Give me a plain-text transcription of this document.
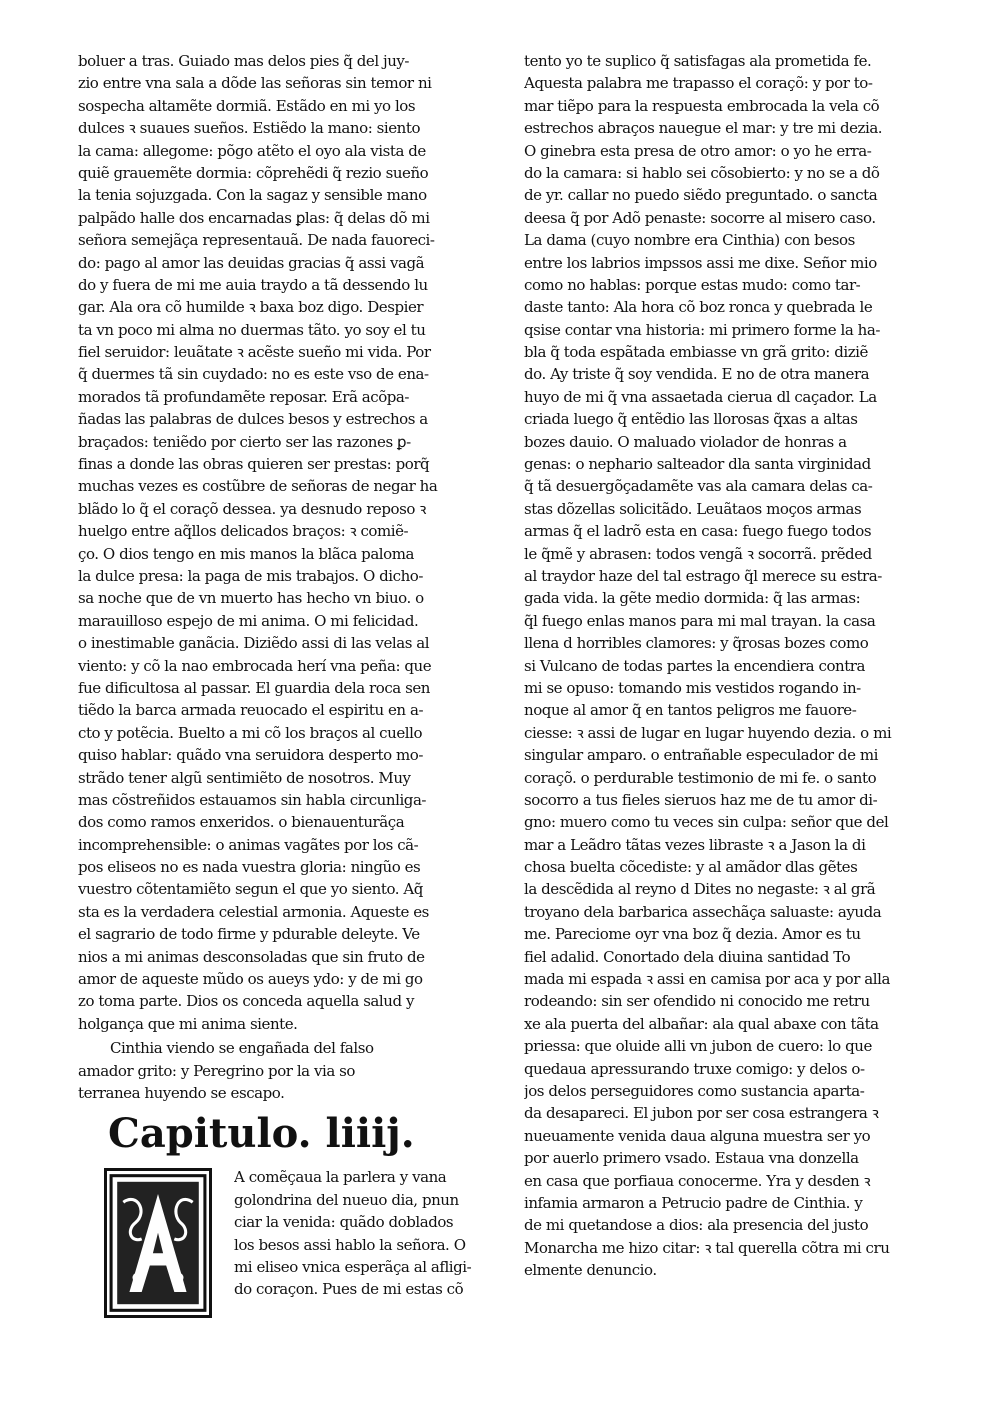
boluer a tras. Guiado mas delos pies q̃ del juy-
zio entre vna sala a dõde las señoras sin temor ni
sospecha altamẽte dormiã. Estãdo en mi yo los
dulces ꝛ suaues sueños. Estiẽdo la mano: siento
la cama: allegome: põgo atẽto el oyo ala vista de
quiẽ grauemẽte dormia: cõprehẽdi q̃ rezio sueño
la tenia sojuzgada. Con la sagaz y sensible mano
palpãdo halle dos encarnadas ꝑlas: q̃ delas dõ mi
señora semejãça representauã. De nada fauoreci-
do: pago al amor las deuidas gracias q̃ assi vagã
do y fuera de mi me auia traydo a tã dessendo lu
gar. Ala ora cõ humilde ꝛ baxa boz digo. Despier
ta vn poco mi alma no duermas tãto. yo soy el tu
fiel seruidor: leuãtate ꝛ acẽste sueño mi vida. Por
q̃ duermes tã sin cuydado: no es este vso de ena-
morados tã profundamẽte reposar. Erã acõpa-
ñadas las palabras de dulces besos y estrechos a
braçados: teniẽdo por cierto ser las razones ꝑ-
finas a donde las obras quieren ser prestas: porq̃
muchas vezes es costũbre de señoras de negar ha
blãdo lo q̃ el coraçõ dessea. ya desnudo reposo ꝛ
huelgo entre aq̃llos delicados braços: ꝛ comiẽ-
ço. O dios tengo en mis manos la blãca paloma
la dulce presa: la paga de mis trabajos. O dicho-
sa noche que de vn muerto has hecho vn biuo. o
marauilloso espejo de mi anima. O mi felicidad.
o inestimable ganãcia. Diziẽdo assi di las velas al
viento: y cõ la nao embrocada herí vna peña: que
fue dificultosa al passar. El guardia dela roca sen
tiẽdo la barca armada reuocado el espiritu en a-
cto y potẽcia. Buelto a mi cõ los braços al cuello
quiso hablar: quãdo vna seruidora desperto mo-
strãdo tener algũ sentimiẽto de nosotros. Muy
mas cõstreñidos estauamos sin habla circunliga-
dos como ramos enxeridos. o bienauenturãça
incomprehensible: o animas vagãtes por los cã-
pos eliseos no es nada vuestra gloria: ningũo es
vuestro cõtentamiẽto segun el que yo siento. Aq̃
sta es la verdadera celestial armonia. Aqueste es
el sagrario de todo firme y pdurable deleyte. Ve
nios a mi animas desconsoladas que sin fruto de
amor de aqueste mũdo os aueys ydo: y de mi go
zo toma parte. Dios os conceda aquella salud y
holgança que mi anima siente.
Cinthia viendo se engañada del falso
amador grito: y Peregrino por la via so
terranea huyendo se escapo.
Capitulo. liiij.
A comẽçaua la parlera y vana
golondrina del nueuo dia, pnun
ciar la venida: quãdo doblados
los besos assi hablo la señora. O
mi eliseo vnica esperãça al afligi-
do coraçon. Pues de mi estas cõ
tento yo te suplico q̃ satisfagas ala prometida fe.
Aquesta palabra me trapasso el coraçõ: y por to-
mar tiẽpo para la respuesta embrocada la vela cõ
estrechos abraços nauegue el mar: y tre mi dezia.
O ginebra esta presa de otro amor: o yo he erra-
do la camara: si hablo sei cõsobierto: y no se a dõ
de yr. callar no puedo siẽdo preguntado. o sancta
deesa q̃ por Adõ penaste: socorre al misero caso.
La dama (cuyo nombre era Cinthia) con besos
entre los labrios impssos assi me dixe. Señor mio
como no hablas: porque estas mudo: como tar-
daste tanto: Ala hora cõ boz ronca y quebrada le
qsise contar vna historia: mi primero forme la ha-
bla q̃ toda espãtada embiasse vn grã grito: diziẽ
do. Ay triste q̃ soy vendida. E no de otra manera
huyo de mi q̃ vna assaetada cierua dl caçador. La
criada luego q̃ entẽdio las llorosas q̃xas a altas
bozes dauio. O maluado violador de honras a
genas: o nephario salteador dla santa virginidad
q̃ tã desuergõçadamẽte vas ala camara delas ca-
stas dõzellas solicitãdo. Leuãtaos moços armas
armas q̃ el ladrõ esta en casa: fuego fuego todos
le q̃mẽ y abrasen: todos vengã ꝛ socorrã. prẽded
al traydor haze del tal estrago q̃l merece su estra-
gada vida. la gẽte medio dormida: q̃ las armas:
q̃l fuego enlas manos para mi mal trayan. la casa
llena d horribles clamores: y q̃rosas bozes como
si Vulcano de todas partes la encendiera contra
mi se opuso: tomando mis vestidos rogando in-
noque al amor q̃ en tantos peligros me fauore-
ciesse: ꝛ assi de lugar en lugar huyendo dezia. o mi
singular amparo. o entrañable especulador de mi
coraçõ. o perdurable testimonio de mi fe. o santo
socorro a tus fieles sieruos haz me de tu amor di-
gno: muero como tu veces sin culpa: señor que del
mar a Leãdro tãtas vezes libraste ꝛ a Jason la di
chosa buelta cõcediste: y al amãdor dlas gẽtes
la descẽdida al reyno d Dites no negaste: ꝛ al grã
troyano dela barbarica assechãça saluaste: ayuda
me. Pareciome oyr vna boz q̃ dezia. Amor es tu
fiel adalid. Conortado dela diuina santidad To
mada mi espada ꝛ assi en camisa por aca y por alla
rodeando: sin ser ofendido ni conocido me retru
xe ala puerta del albañar: ala qual abaxe con tãta
priessa: que oluide alli vn jubon de cuero: lo que
quedaua apressurando truxe comigo: y delos o-
jos delos perseguidores como sustancia aparta-
da desapareci. El jubon por ser cosa estrangera ꝛ
nueuamente venida daua alguna muestra ser yo
por auerlo primero vsado. Estaua vna donzella
en casa que porfiaua conocerme. Yra y desden ꝛ
infamia armaron a Petrucio padre de Cinthia. y
de mi quetandose a dios: ala presencia del justo
Monarcha me hizo citar: ꝛ tal querella cõtra mi cru
elmente denuncio.
